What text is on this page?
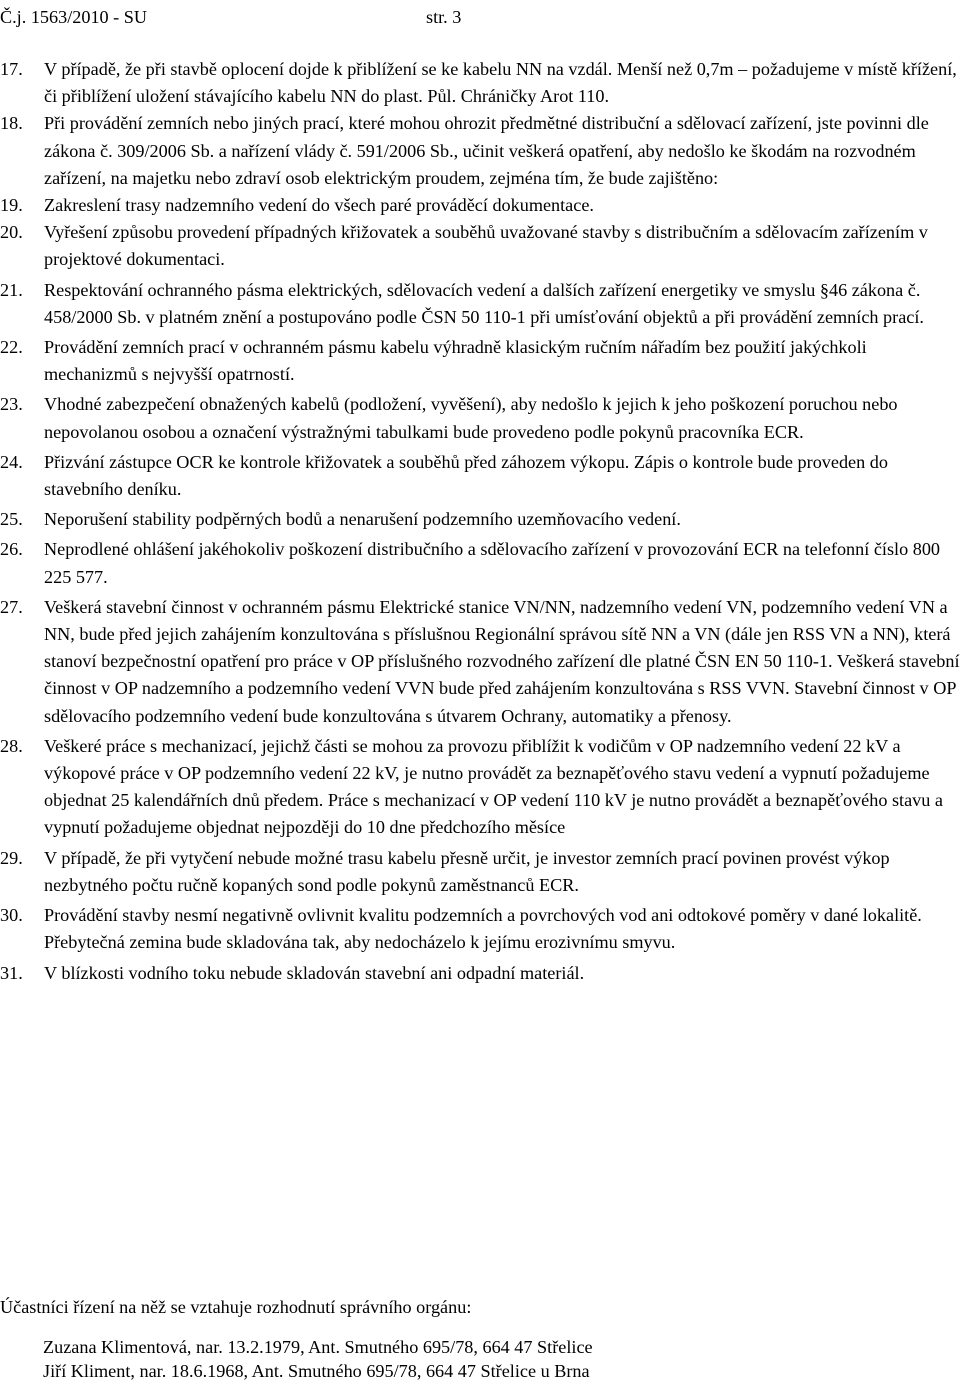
Č.j. 1563/2010 - SU	str. 3
17.	V případě, že při stavbě oplocení dojde k přiblížení se ke kabelu NN na vzdál. Menší než 0,7m – požadujeme v místě křížení, či přiblížení uložení stávajícího kabelu NN do plast. Půl. Chráničky Arot 110.
18.	Při provádění zemních nebo jiných prací, které mohou ohrozit předmětné distribuční a sdělovací zařízení, jste povinni dle zákona č. 309/2006 Sb. a nařízení vlády č. 591/2006 Sb., učinit veškerá opatření, aby nedošlo ke škodám na rozvodném zařízení, na majetku nebo zdraví osob elektrickým proudem, zejména tím, že bude zajištěno:
19.	Zakreslení trasy nadzemního vedení do všech paré prováděcí dokumentace.
20.	Vyřešení způsobu provedení případných křižovatek a souběhů uvažované stavby s distribučním a sdělovacím zařízením v projektové dokumentaci.
21.	Respektování ochranného pásma elektrických, sdělovacích vedení a dalších zařízení energetiky ve smyslu §46 zákona č. 458/2000 Sb. v platném znění a postupováno podle ČSN 50 110-1 při umísťování objektů a při provádění zemních prací.
22.	Provádění zemních prací v ochranném pásmu kabelu výhradně klasickým ručním nářadím bez použití jakýchkoli mechanizmů s nejvyšší opatrností.
23.	Vhodné zabezpečení obnažených kabelů (podložení, vyvěšení), aby nedošlo k jejich k jeho poškození poruchou nebo nepovolanou osobou a označení výstražnými tabulkami bude provedeno podle pokynů pracovníka ECR.
24.	Přizvání zástupce OCR ke kontrole křižovatek a souběhů před záhozem výkopu. Zápis o kontrole bude proveden do stavebního deníku.
25.	Neporušení stability podpěrných bodů a nenarušení podzemního uzemňovacího vedení.
26.	Neprodlené ohlášení jakéhokoliv poškození distribučního a sdělovacího zařízení v provozování ECR na telefonní číslo 800 225 577.
27.	Veškerá stavební činnost v ochranném pásmu Elektrické stanice VN/NN, nadzemního vedení VN, podzemního vedení VN a NN, bude před jejich zahájením konzultována s příslušnou Regionální správou sítě NN a VN (dále jen RSS VN a NN), která stanoví bezpečnostní opatření pro práce v OP příslušného rozvodného zařízení dle platné ČSN EN 50 110-1. Veškerá stavební činnost v OP nadzemního a podzemního vedení VVN bude před zahájením konzultována s RSS VVN. Stavební činnost v OP sdělovacího podzemního vedení bude konzultována s útvarem Ochrany, automatiky a přenosy.
28.	Veškeré práce s mechanizací, jejichž části se mohou za provozu přiblížit k vodičům v OP nadzemního vedení 22 kV a výkopové práce v OP podzemního vedení 22 kV, je nutno provádět za beznapěťového stavu vedení a vypnutí požadujeme objednat 25 kalendářních dnů předem. Práce s mechanizací v OP vedení 110 kV je nutno provádět a beznapěťového stavu a vypnutí požadujeme objednat nejpozději do 10 dne předchozího měsíce
29.	V případě, že při vytyčení nebude možné trasu kabelu přesně určit, je investor zemních prací povinen provést výkop nezbytného počtu ručně kopaných sond podle pokynů zaměstnanců ECR.
30.	Provádění stavby nesmí negativně ovlivnit kvalitu podzemních a povrchových vod ani odtokové poměry v dané lokalitě. Přebytečná zemina bude skladována tak, aby nedocházelo k jejímu erozivnímu smyvu.
31.	V blízkosti vodního toku nebude skladován stavební ani odpadní materiál.
Účastníci řízení na něž se vztahuje rozhodnutí správního orgánu:
Zuzana Klimentová, nar. 13.2.1979, Ant. Smutného 695/78, 664 47 Střelice
Jiří Kliment, nar. 18.6.1968, Ant. Smutného 695/78, 664 47 Střelice u Brna
